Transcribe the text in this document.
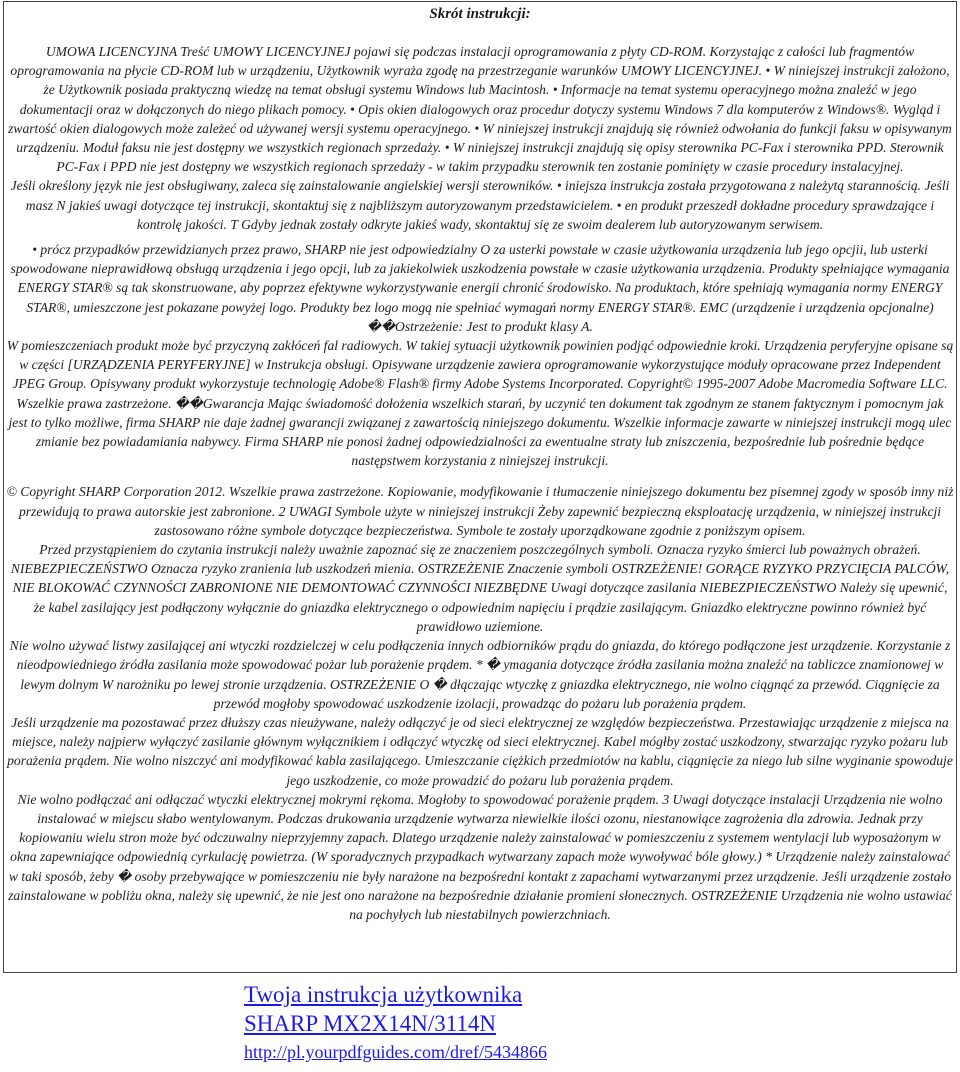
Skrót instrukcji:

UMOWA LICENCYJNA Treść UMOWY LICENCYJNEJ pojawi się podczas instalacji oprogramowania z płyty CD-ROM. Korzystając z całości lub fragmentów oprogramowania na płycie CD-ROM lub w urządzeniu, Użytkownik wyraża zgodę na przestrzeganie warunków UMOWY LICENCYJNEJ. • W niniejszej instrukcji założono, że Użytkownik posiada praktyczną wiedzę na temat obsługi systemu Windows lub Macintosh. • Informacje na temat systemu operacyjnego można znaleźć w jego dokumentacji oraz w dołączonych do niego plikach pomocy. • Opis okien dialogowych oraz procedur dotyczy systemu Windows 7 dla komputerów z Windows®. Wygląd i zwartość okien dialogowych może zależeć od używanej wersji systemu operacyjnego. • W niniejszej instrukcji znajdują się również odwołania do funkcji faksu w opisywanym urządzeniu. Moduł faksu nie jest dostępny we wszystkich regionach sprzedaży. • W niniejszej instrukcji znajdują się opisy sterownika PC-Fax i sterownika PPD. Sterownik PC-Fax i PPD nie jest dostępny we wszystkich regionach sprzedaży - w takim przypadku sterownik ten zostanie pominięty w czasie procedury instalacyjnej.

Jeśli określony język nie jest obsługiwany, zaleca się zainstalowanie angielskiej wersji sterowników. • iniejsza instrukcja została przygotowana z należytą starannością. Jeśli masz N jakieś uwagi dotyczące tej instrukcji, skontaktuj się z najbliższym autoryzowanym przedstawicielem. • en produkt przeszedł dokładne procedury sprawdzające i kontrolę jakości. T Gdyby jednak zostały odkryte jakieś wady, skontaktuj się ze swoim dealerem lub autoryzowanym serwisem.

• prócz przypadków przewidzianych przez prawo, SHARP nie jest odpowiedzialny O za usterki powstałe w czasie użytkowania urządzenia lub jego opcjii, lub usterki spowodowane nieprawidłową obsługą urządzenia i jego opcji, lub za jakiekolwiek uszkodzenia powstałe w czasie użytkowania urządzenia. Produkty spełniające wymagania ENERGY STAR® są tak skonstruowane, aby poprzez efektywne wykorzystywanie energii chronić środowisko. Na produktach, które spełniają wymagania normy ENERGY STAR®, umieszczone jest pokazane powyżej logo. Produkty bez logo mogą nie spełniać wymagań normy ENERGY STAR®. EMC (urządzenie i urządzenia opcjonalne) ��Ostrzeżenie: Jest to produkt klasy A.

W pomieszczeniach produkt może być przyczyną zakłóceń fal radiowych. W takiej sytuacji użytkownik powinien podjąć odpowiednie kroki. Urządzenia peryferyjne opisane są w części [URZĄDZENIA PERYFERYJNE] w Instrukcja obsługi. Opisywane urządzenie zawiera oprogramowanie wykorzystujące moduły opracowane przez Independent JPEG Group. Opisywany produkt wykorzystuje technologię Adobe® Flash® firmy Adobe Systems Incorporated. Copyright© 1995-2007 Adobe Macromedia Software LLC. Wszelkie prawa zastrzeżone. ��Gwarancja Mając świadomość dołożenia wszelkich starań, by uczynić ten dokument tak zgodnym ze stanem faktycznym i pomocnym jak jest to tylko możliwe, firma SHARP nie daje żadnej gwarancji związanej z zawartością niniejszego dokumentu. Wszelkie informacje zawarte w niniejszej instrukcji mogą ulec zmianie bez powiadamiania nabywcy. Firma SHARP nie ponosi żadnej odpowiedzialności za ewentualne straty lub zniszczenia, bezpośrednie lub pośrednie będące następstwem korzystania z niniejszej instrukcji.

© Copyright SHARP Corporation 2012. Wszelkie prawa zastrzeżone. Kopiowanie, modyfikowanie i tłumaczenie niniejszego dokumentu bez pisemnej zgody w sposób inny niż przewidują to prawa autorskie jest zabronione. 2 UWAGI Symbole użyte w niniejszej instrukcji Żeby zapewnić bezpieczną eksploatację urządzenia, w niniejszej instrukcji zastosowano różne symbole dotyczące bezpieczeństwa. Symbole te zostały uporządkowane zgodnie z poniższym opisem.

Przed przystąpieniem do czytania instrukcji należy uważnie zapoznać się ze znaczeniem poszczególnych symboli. Oznacza ryzyko śmierci lub poważnych obrażeń. NIEBEZPIECZEŃSTWO Oznacza ryzyko zranienia lub uszkodzeń mienia. OSTRZEŻENIE Znaczenie symboli OSTRZEŻENIE! GORĄCE RYZYKO PRZYCIĘCIA PALCÓW, NIE BLOKOWAĆ CZYNNOŚCI ZABRONIONE NIE DEMONTOWAĆ CZYNNOŚCI NIEZBĘDNE Uwagi dotyczące zasilania NIEBEZPIECZEŃSTWO Należy się upewnić, że kabel zasilający jest podłączony wyłącznie do gniazdka elektrycznego o odpowiednim napięciu i prądzie zasilającym. Gniazdko elektryczne powinno również być prawidłowo uziemione.

Nie wolno używać listwy zasilającej ani wtyczki rozdzielczej w celu podłączenia innych odbiorników prądu do gniazda, do którego podłączone jest urządzenie. Korzystanie z nieodpowiedniego źródła zasilania może spowodować pożar lub porażenie prądem. * � ymagania dotyczące źródła zasilania można znaleźć na tabliczce znamionowej w lewym dolnym W narożniku po lewej stronie urządzenia. OSTRZEŻENIE O � dłączając wtyczkę z gniazdka elektrycznego, nie wolno ciągnąć za przewód. Ciągnięcie za przewód mogłoby spowodować uszkodzenie izolacji, prowadząc do pożaru lub porażenia prądem.

Jeśli urządzenie ma pozostawać przez dłuższy czas nieużywane, należy odłączyć je od sieci elektrycznej ze względów bezpieczeństwa. Przestawiając urządzenie z miejsca na miejsce, należy najpierw wyłączyć zasilanie głównym wyłącznikiem i odłączyć wtyczkę od sieci elektrycznej. Kabel mógłby zostać uszkodzony, stwarzając ryzyko pożaru lub porażenia prądem. Nie wolno niszczyć ani modyfikować kabla zasilającego. Umieszczanie ciężkich przedmiotów na kablu, ciągnięcie za niego lub silne wyginanie spowoduje jego uszkodzenie, co może prowadzić do pożaru lub porażenia prądem.

Nie wolno podłączać ani odłączać wtyczki elektrycznej mokrymi rękoma. Mogłoby to spowodować porażenie prądem. 3 Uwagi dotyczące instalacji Urządzenia nie wolno instalować w miejscu słabo wentylowanym. Podczas drukowania urządzenie wytwarza niewielkie ilości ozonu, niestanowiące zagrożenia dla zdrowia. Jednak przy kopiowaniu wielu stron może być odczuwalny nieprzyjemny zapach. Dlatego urządzenie należy zainstalować w pomieszczeniu z systemem wentylacji lub wyposażonym w okna zapewniające odpowiednią cyrkulację powietrza. (W sporadycznych przypadkach wytwarzany zapach może wywoływać bóle głowy.) * Urządzenie należy zainstalować w taki sposób, żeby � osoby przebywające w pomieszczeniu nie były narażone na bezpośredni kontakt z zapachami wytwarzanymi przez urządzenie. Jeśli urządzenie zostało zainstalowane w pobliżu okna, należy się upewnić, że nie jest ono narażone na bezpośrednie działanie promieni słonecznych. OSTRZEŻENIE Urządzenia nie wolno ustawiać na pochyłych lub niestabilnych powierzchniach.

Twoja instrukcja użytkownika
SHARP MX2X14N/3114N
http://pl.yourpdfguides.com/dref/5434866
